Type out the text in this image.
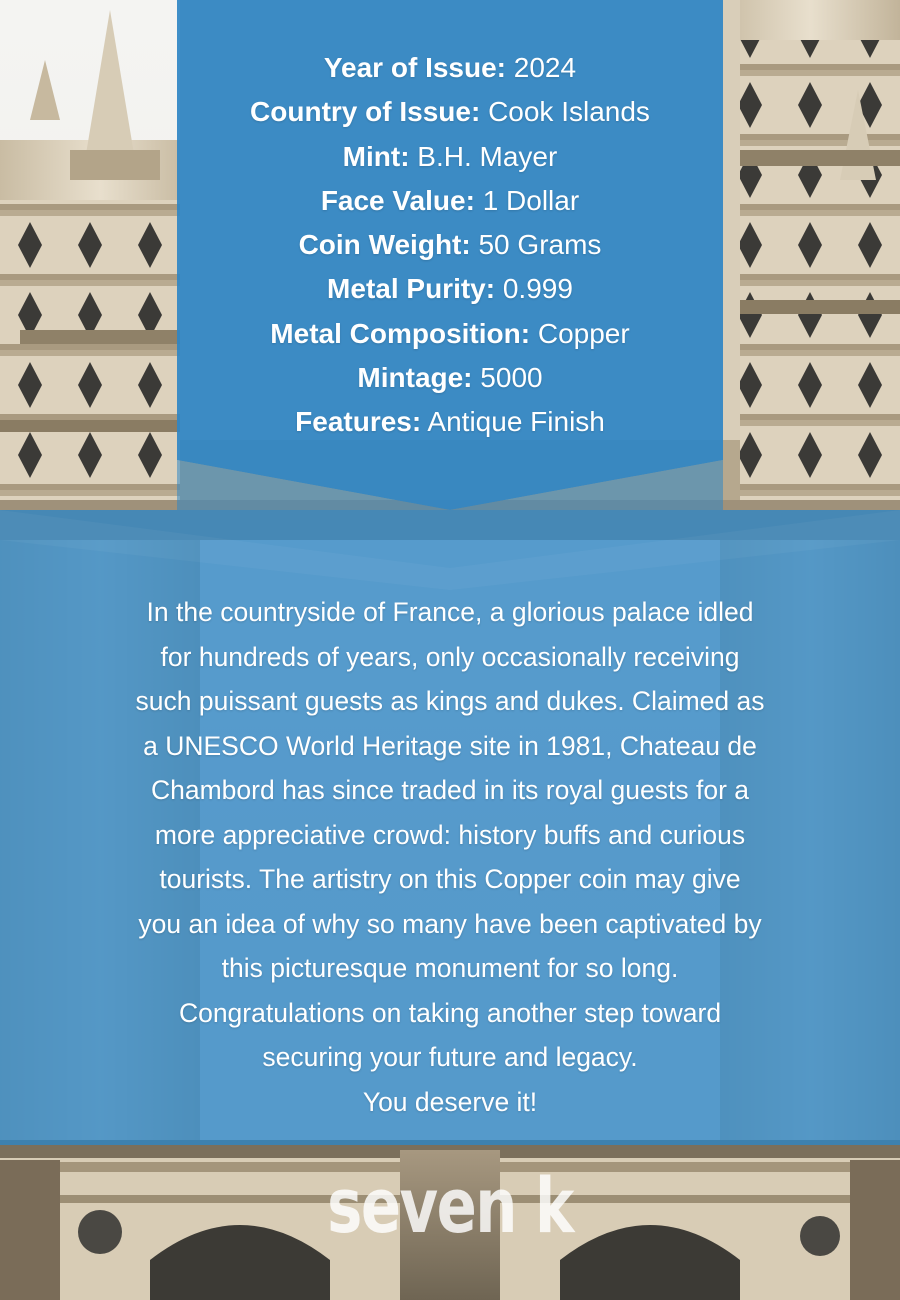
Year of Issue: 2024
Country of Issue: Cook Islands
Mint: B.H. Mayer
Face Value: 1 Dollar
Coin Weight: 50 Grams
Metal Purity: 0.999
Metal Composition: Copper
Mintage: 5000
Features: Antique Finish
In the countryside of France, a glorious palace idled
for hundreds of years, only occasionally receiving
such puissant guests as kings and dukes. Claimed as
a UNESCO World Heritage site in 1981, Chateau de
Chambord has since traded in its royal guests for a
more appreciative crowd: history buffs and curious
tourists. The artistry on this Copper coin may give
you an idea of why so many have been captivated by
this picturesque monument for so long.
Congratulations on taking another step toward
securing your future and legacy.
You deserve it!
seven k
